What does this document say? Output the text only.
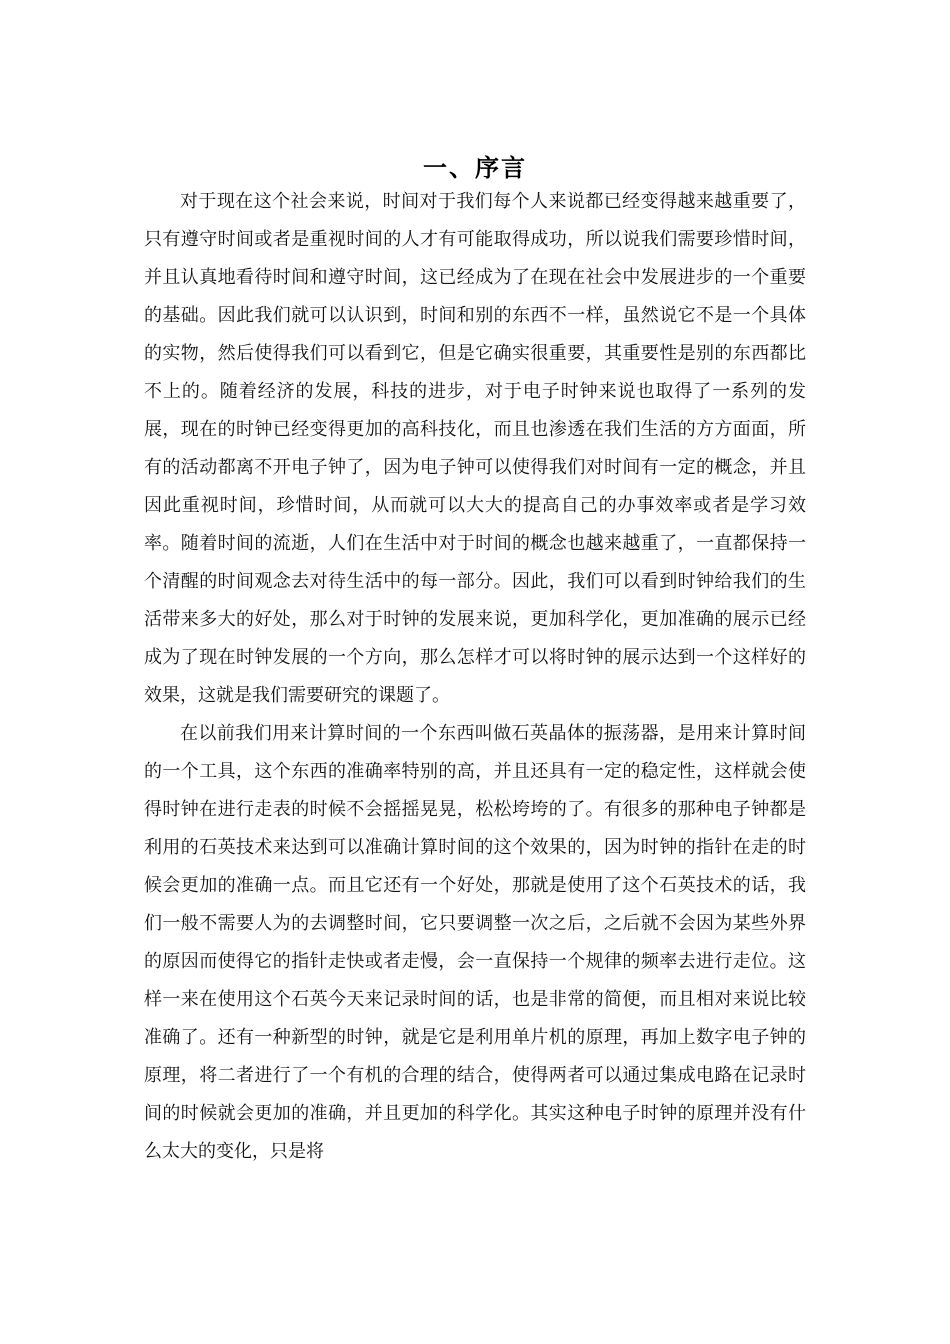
一、序言

对于现在这个社会来说，时间对于我们每个人来说都已经变得越来越重要了，只有遵守时间或者是重视时间的人才有可能取得成功，所以说我们需要珍惜时间，并且认真地看待时间和遵守时间，这已经成为了在现在社会中发展进步的一个重要的基础。因此我们就可以认识到，时间和别的东西不一样，虽然说它不是一个具体的实物，然后使得我们可以看到它，但是它确实很重要，其重要性是别的东西都比不上的。随着经济的发展，科技的进步，对于电子时钟来说也取得了一系列的发展，现在的时钟已经变得更加的高科技化，而且也渗透在我们生活的方方面面，所有的活动都离不开电子钟了，因为电子钟可以使得我们对时间有一定的概念，并且因此重视时间，珍惜时间，从而就可以大大的提高自己的办事效率或者是学习效率。随着时间的流逝，人们在生活中对于时间的概念也越来越重了，一直都保持一个清醒的时间观念去对待生活中的每一部分。因此，我们可以看到时钟给我们的生活带来多大的好处，那么对于时钟的发展来说，更加科学化，更加准确的展示已经成为了现在时钟发展的一个方向，那么怎样才可以将时钟的展示达到一个这样好的效果，这就是我们需要研究的课题了。

在以前我们用来计算时间的一个东西叫做石英晶体的振荡器，是用来计算时间的一个工具，这个东西的准确率特别的高，并且还具有一定的稳定性，这样就会使得时钟在进行走表的时候不会摇摇晃晃，松松垮垮的了。有很多的那种电子钟都是利用的石英技术来达到可以准确计算时间的这个效果的，因为时钟的指针在走的时候会更加的准确一点。而且它还有一个好处，那就是使用了这个石英技术的话，我们一般不需要人为的去调整时间，它只要调整一次之后，之后就不会因为某些外界的原因而使得它的指针走快或者走慢，会一直保持一个规律的频率去进行走位。这样一来在使用这个石英今天来记录时间的话，也是非常的简便，而且相对来说比较准确了。还有一种新型的时钟，就是它是利用单片机的原理，再加上数字电子钟的原理，将二者进行了一个有机的合理的结合，使得两者可以通过集成电路在记录时间的时候就会更加的准确，并且更加的科学化。其实这种电子时钟的原理并没有什么太大的变化，只是将
